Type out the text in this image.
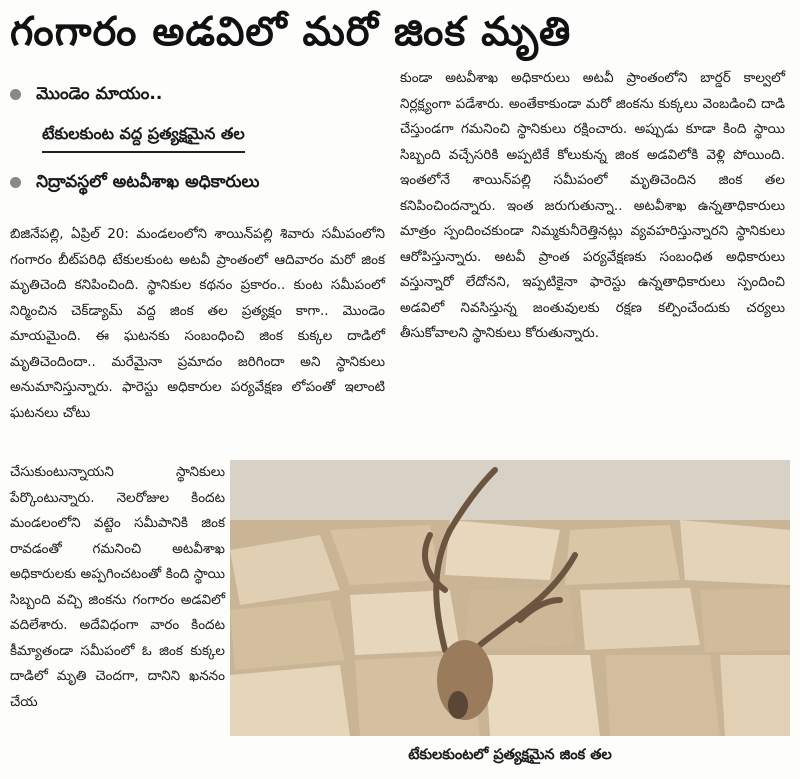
గంగారం అడవిలో మరో జింక మృతి
మొండెం మాయం..
టేకులకుంట వద్ద ప్రత్యక్షమైన తల
నిద్రావస్థలో అటవీశాఖ అధికారులు
బిజినేపల్లి, ఏప్రిల్ 20: మండలంలోని శాయిన్‌పల్లి శివారు సమీపంలోని గంగారం బీట్‌పరిధి టేకులకుంట అటవీ ప్రాంతంలో ఆదివారం మరో జింక మృతిచెంది కనిపించింది. స్థానికుల కథనం ప్రకారం.. కుంట సమీపంలో నిర్మించిన చెక్‌డ్యామ్ వద్ద జింక తల ప్రత్యక్షం కాగా.. మొండెం మాయమైంది. ఈ ఘటనకు సంబంధించి జింక కుక్కల దాడిలో మృతిచెందిందా.. మరేమైనా ప్రమాదం జరిగిందా అని స్థానికులు అనుమానిస్తున్నారు. ఫారెస్టు అధికారుల పర్యవేక్షణ లోపంతో ఇలాంటి ఘటనలు చోటు
కుండా అటవీశాఖ అధికారులు అటవీ ప్రాంతంలోని బార్డర్ కాల్వలో నిర్లక్ష్యంగా పడేశారు. అంతేకాకుండా మరో జింకను కుక్కలు వెంబడించి దాడి చేస్తుండగా గమనించి స్థానికులు రక్షించారు. అప్పుడు కూడా కింది స్థాయి సిబ్బంది వచ్చేసరికి అప్పటికే కోలుకున్న జింక అడవిలోకి వెళ్లి పోయింది. ఇంతలోనే శాయిన్‌పల్లి సమీపంలో మృతిచెందిన జింక తల కనిపించిందన్నారు. ఇంత జరుగుతున్నా.. అటవీశాఖ ఉన్నతాధికారులు మాత్రం స్పందించకుండా నిమ్మకునీరెత్తినట్లు వ్యవహరిస్తున్నారని స్థానికులు ఆరోపిస్తున్నారు. అటవీ ప్రాంత పర్యవేక్షణకు సంబంధిత అధికారులు వస్తున్నారో లేదోనని, ఇప్పటికైనా ఫారెస్టు ఉన్నతాధికారులు స్పందించి అడవిలో నివసిస్తున్న జంతువులకు రక్షణ కల్పించేందుకు చర్యలు తీసుకోవాలని స్థానికులు కోరుతున్నారు.
చేసుకుంటున్నాయని స్థానికులు పేర్కొంటున్నారు. నెలరోజుల కిందట మండలంలోని వట్టెం సమీపానికి జింక రావడంతో గమనించి అటవీశాఖ అధికారులకు అప్పగించటంతో కింది స్థాయి సిబ్బంది వచ్చి జింకను గంగారం అడవిలో వదిలేశారు. అదేవిధంగా వారం కిందట కీమ్యాతండా సమీపంలో ఓ జింక కుక్కల దాడిలో మృతి చెందగా, దానిని ఖననం చేయ
టేకులకుంటలో ప్రత్యక్షమైన జింక తల
